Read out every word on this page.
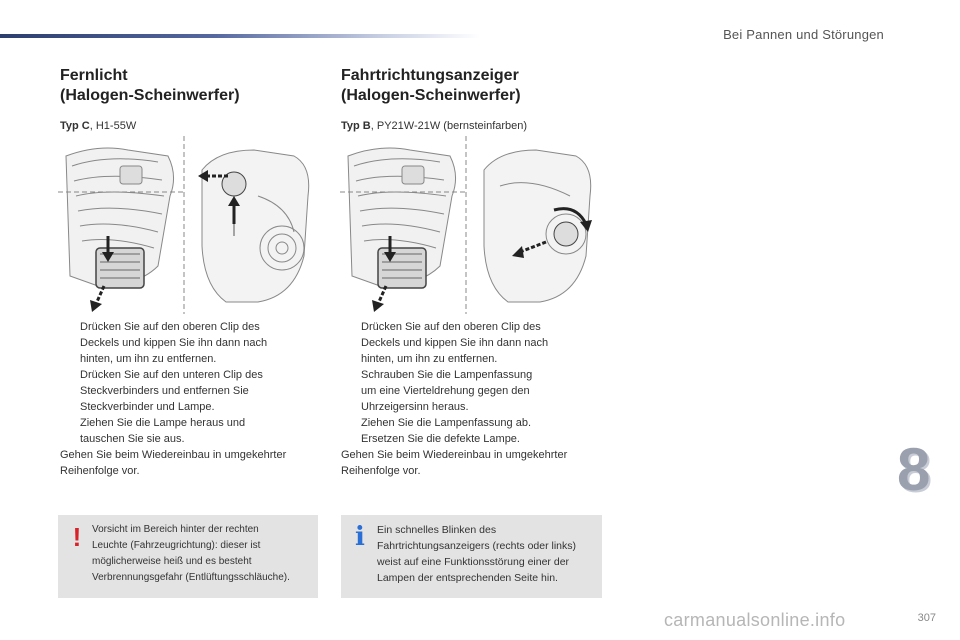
Bei Pannen und Störungen
Fernlicht
(Halogen-Scheinwerfer)
Typ C, H1-55W
Drücken Sie auf den oberen Clip des
Deckels und kippen Sie ihn dann nach
hinten, um ihn zu entfernen.
Drücken Sie auf den unteren Clip des
Steckverbinders und entfernen Sie
Steckverbinder und Lampe.
Ziehen Sie die Lampe heraus und
tauschen Sie sie aus.
Gehen Sie beim Wiedereinbau in umgekehrter
Reihenfolge vor.
!	Vorsicht im Bereich hinter der rechten
Leuchte (Fahrzeugrichtung): dieser ist
möglicherweise heiß und es besteht
Verbrennungsgefahr (Entlüftungsschläuche).
Fahrtrichtungsanzeiger
(Halogen-Scheinwerfer)
Typ B, PY21W-21W (bernsteinfarben)
Drücken Sie auf den oberen Clip des
Deckels und kippen Sie ihn dann nach
hinten, um ihn zu entfernen.
Schrauben Sie die Lampenfassung
um eine Vierteldrehung gegen den
Uhrzeigersinn heraus.
Ziehen Sie die Lampenfassung ab.
Ersetzen Sie die defekte Lampe.
Gehen Sie beim Wiedereinbau in umgekehrter
Reihenfolge vor.
i	Ein schnelles Blinken des
Fahrtrichtungsanzeigers (rechts oder links)
weist auf eine Funktionsstörung einer der
Lampen der entsprechenden Seite hin.
8
carmanualsonline.info	307
